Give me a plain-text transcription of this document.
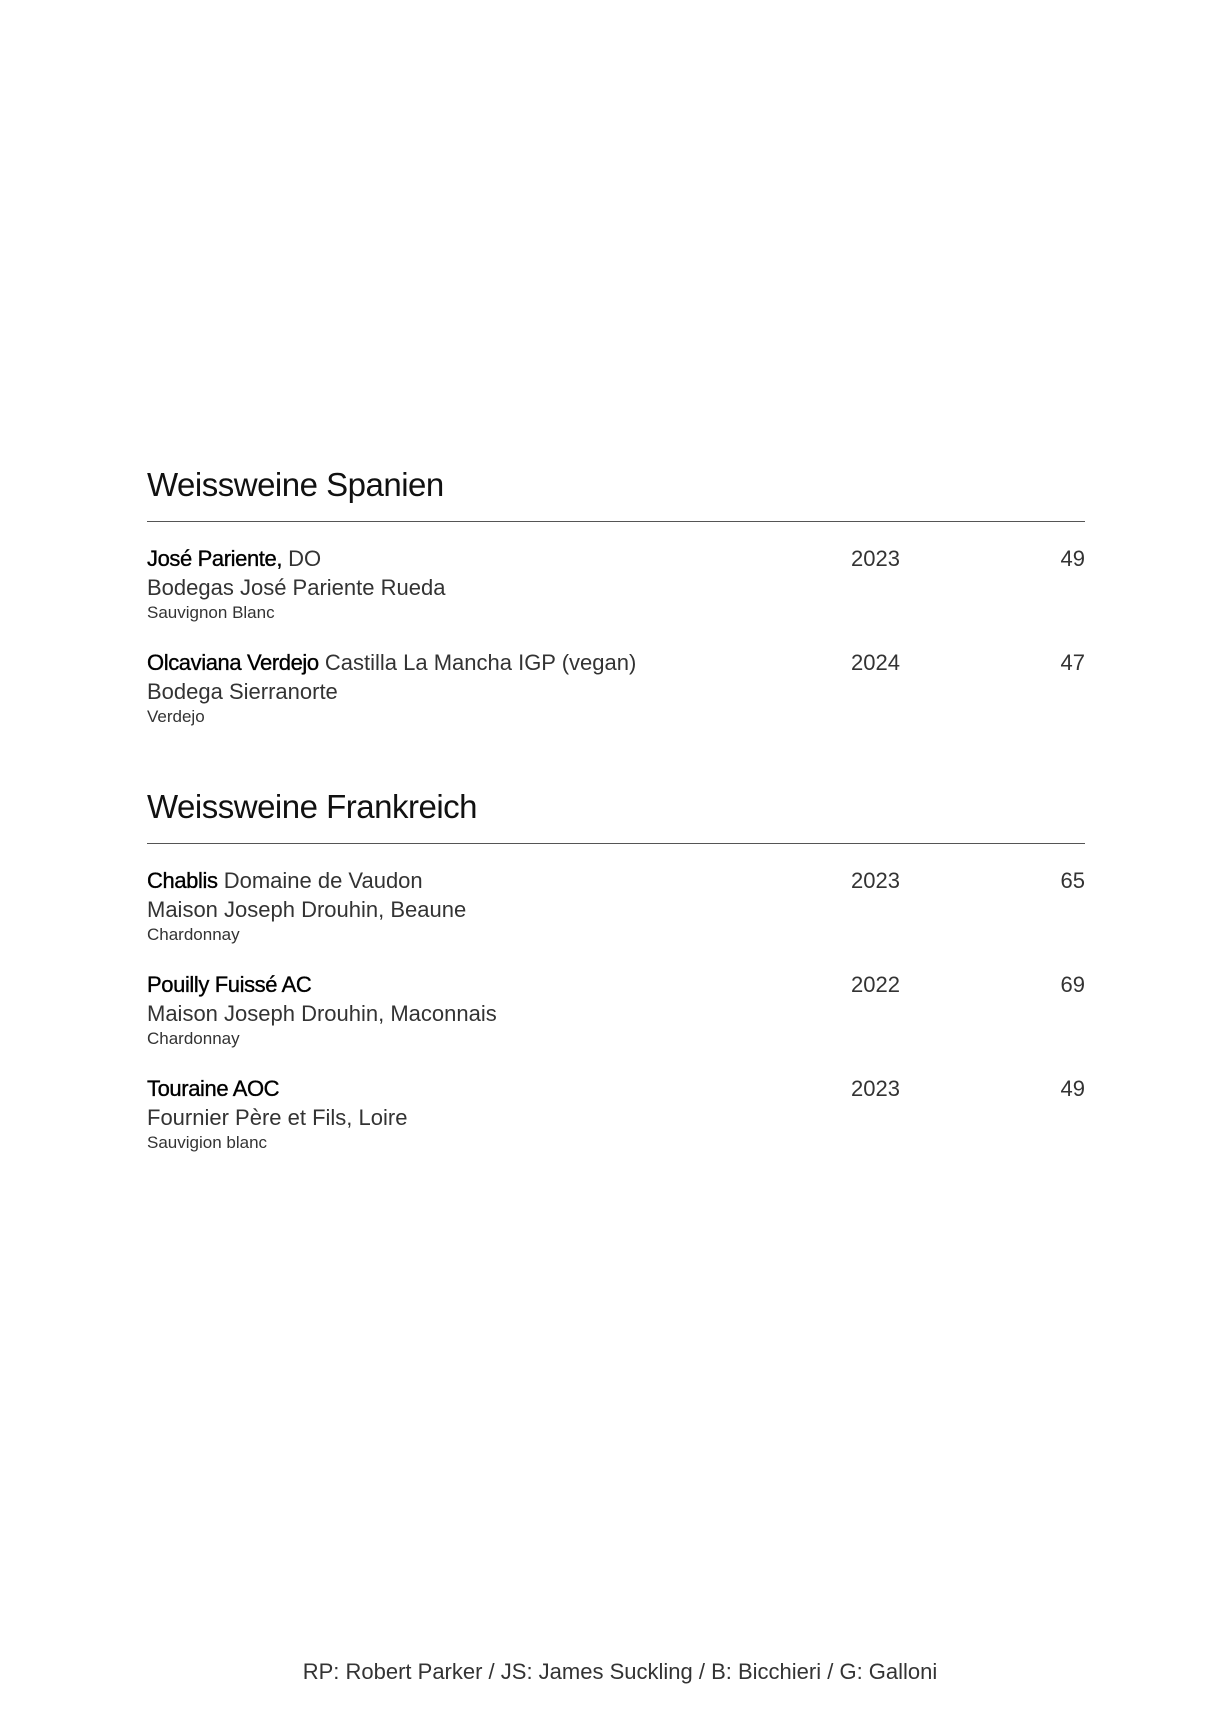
Weissweine Spanien
José Pariente, DO
Bodegas José Pariente Rueda
Sauvignon Blanc
2023	49
Olcaviana Verdejo Castilla La Mancha IGP (vegan)
Bodega Sierranorte
Verdejo
2024	47
Weissweine Frankreich
Chablis Domaine de Vaudon
Maison Joseph Drouhin, Beaune
Chardonnay
2023	65
Pouilly Fuissé AC
Maison Joseph Drouhin, Maconnais
Chardonnay
2022	69
Touraine AOC
Fournier Père et Fils, Loire
Sauvigion blanc
2023	49
RP: Robert Parker / JS: James Suckling / B: Bicchieri / G: Galloni
